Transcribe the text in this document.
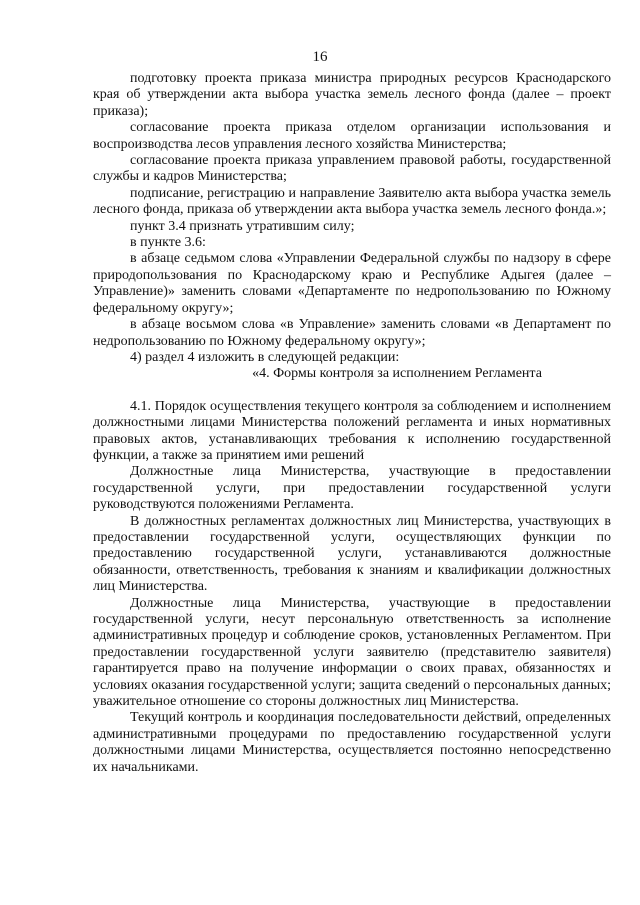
16

подготовку проекта приказа министра природных ресурсов Краснодарского края об утверждении акта выбора участка земель лесного фонда (далее – проект приказа);

согласование проекта приказа отделом организации использования и воспроизводства лесов управления лесного хозяйства Министерства;

согласование проекта приказа управлением правовой работы, государственной службы и кадров Министерства;

подписание, регистрацию и направление Заявителю акта выбора участка земель лесного фонда, приказа об утверждении акта выбора участка земель лесного фонда.»;

пункт 3.4 признать утратившим силу;

в пункте 3.6:

в абзаце седьмом слова «Управлении Федеральной службы по надзору в сфере природопользования по Краснодарскому краю и Республике Адыгея (далее – Управление)» заменить словами «Департаменте по недропользованию по Южному федеральному округу»;

в абзаце восьмом слова «в Управление» заменить словами «в Департамент по недропользованию по Южному федеральному округу»;

4) раздел 4 изложить в следующей редакции:

«4. Формы контроля за исполнением Регламента

4.1. Порядок осуществления текущего контроля за соблюдением и исполнением должностными лицами Министерства положений регламента и иных нормативных правовых актов, устанавливающих требования к исполнению государственной функции, а также за принятием ими решений

Должностные лица Министерства, участвующие в предоставлении государственной услуги, при предоставлении государственной услуги руководствуются положениями Регламента.

В должностных регламентах должностных лиц Министерства, участвующих в предоставлении государственной услуги, осуществляющих функции по предоставлению государственной услуги, устанавливаются должностные обязанности, ответственность, требования к знаниям и квалификации должностных лиц Министерства.

Должностные лица Министерства, участвующие в предоставлении государственной услуги, несут персональную ответственность за исполнение административных процедур и соблюдение сроков, установленных Регламентом. При предоставлении государственной услуги заявителю (представителю заявителя) гарантируется право на получение информации о своих правах, обязанностях и условиях оказания государственной услуги; защита сведений о персональных данных; уважительное отношение со стороны должностных лиц Министерства.

Текущий контроль и координация последовательности действий, определенных административными процедурами по предоставлению государственной услуги должностными лицами Министерства, осуществляется постоянно непосредственно их начальниками.
